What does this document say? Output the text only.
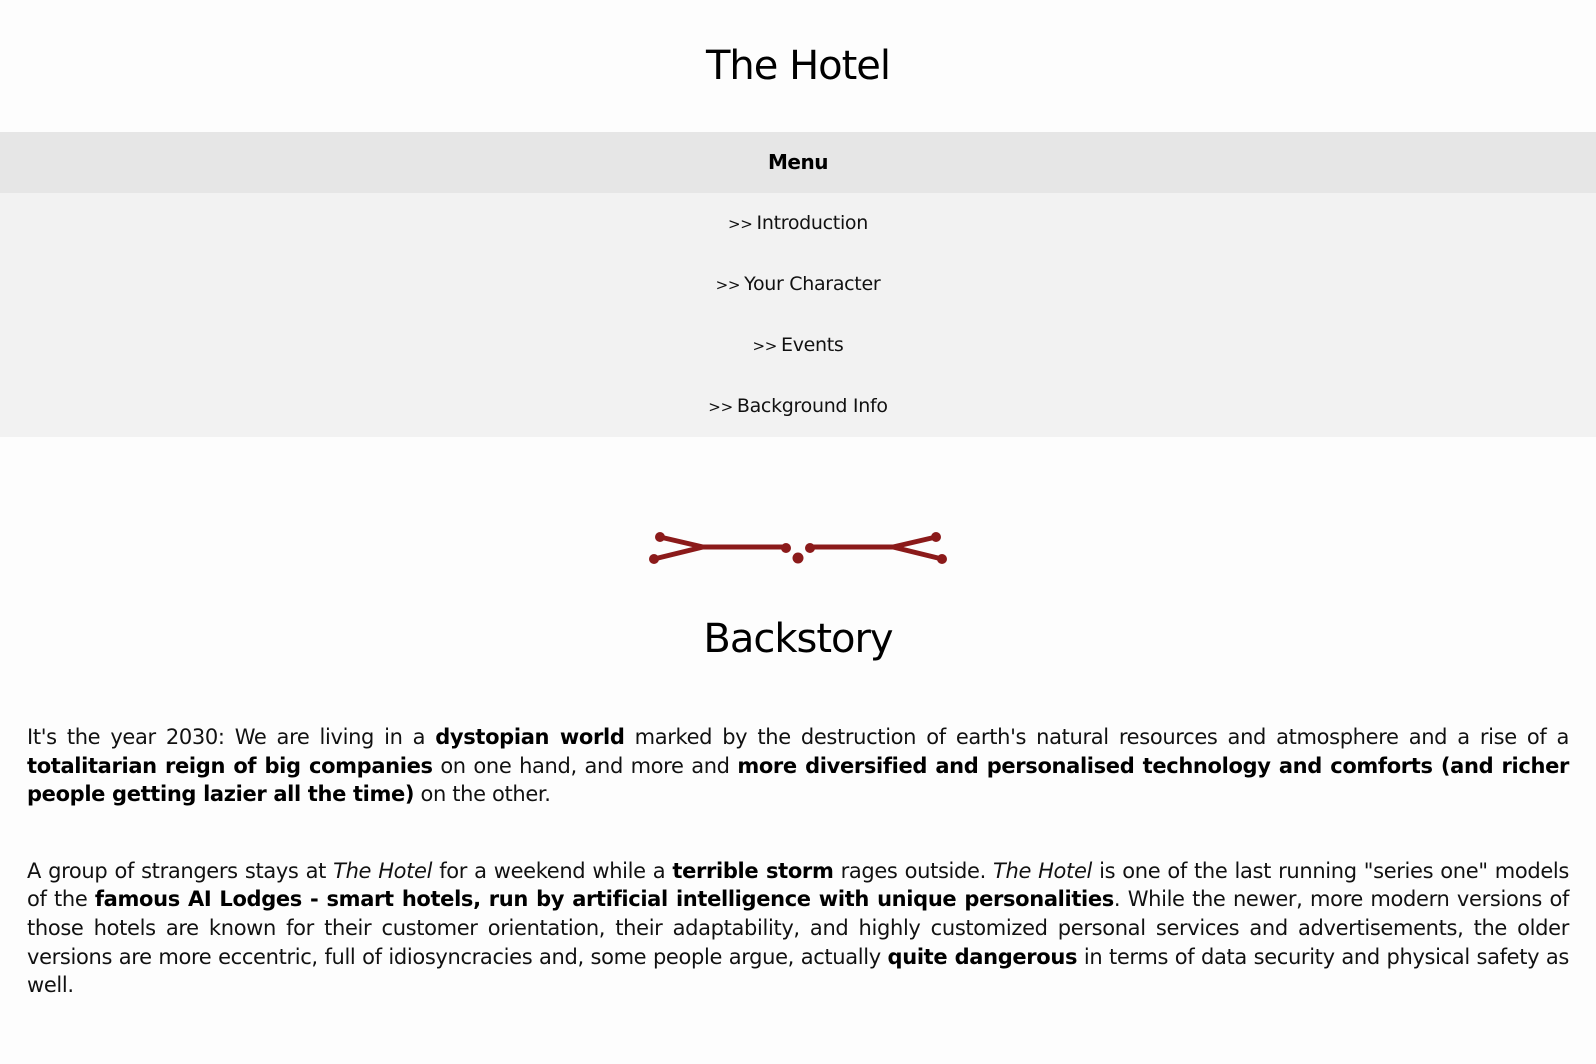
The Hotel
Menu
>> Introduction
>> Your Character
>> Events
>> Background Info
Backstory

It's the year 2030: We are living in a dystopian world marked by the destruction of earth's natural resources and atmosphere and a rise of a totalitarian reign of big companies on one hand, and more and more diversified and personalised technology and comforts (and richer people getting lazier all the time) on the other.

A group of strangers stays at The Hotel for a weekend while a terrible storm rages outside. The Hotel is one of the last running "series one" models of the famous AI Lodges - smart hotels, run by artificial intelligence with unique personalities. While the newer, more modern versions of those hotels are known for their customer orientation, their adaptability, and highly customized personal services and advertisements, the older versions are more eccentric, full of idiosyncracies and, some people argue, actually quite dangerous in terms of data security and physical safety as well.
